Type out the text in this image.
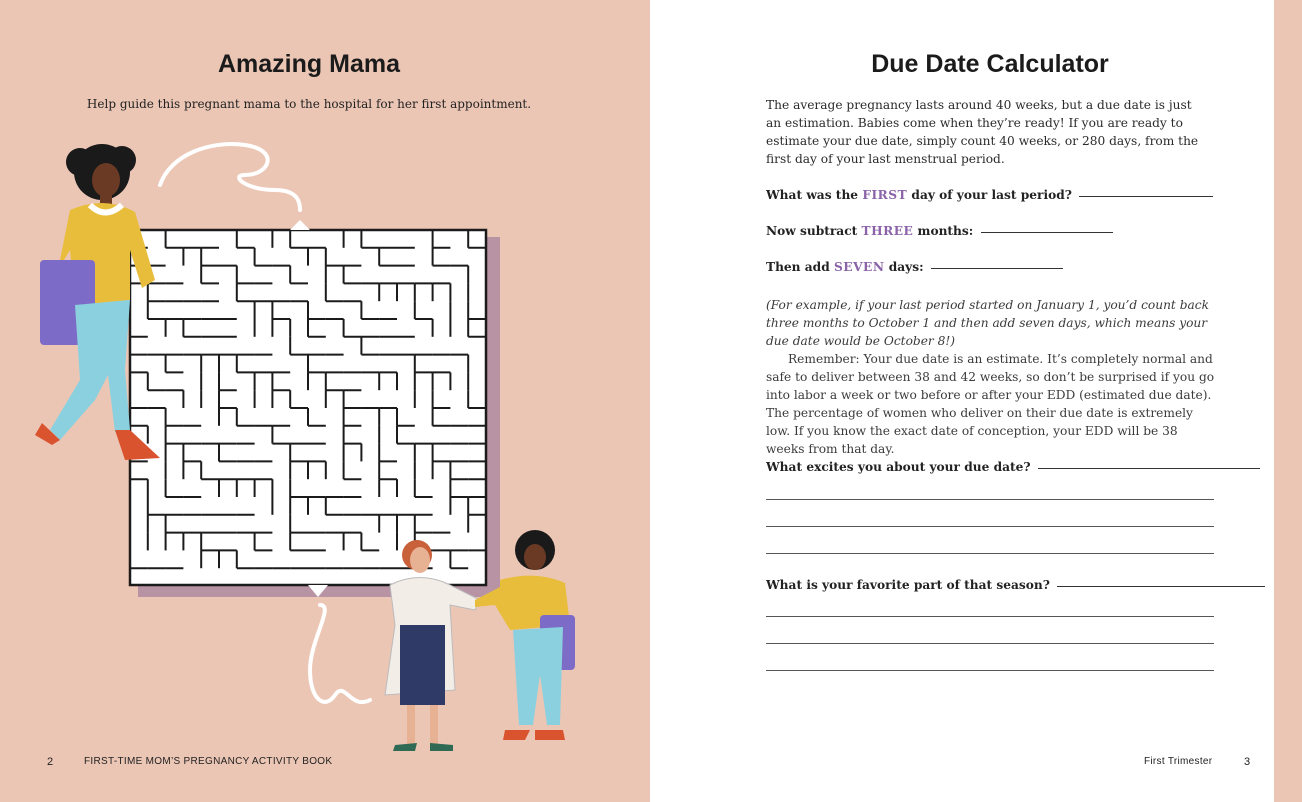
Amazing Mama
Help guide this pregnant mama to the hospital for her first appointment.
2	FIRST-TIME MOM’S PREGNANCY ACTIVITY BOOK
Due Date Calculator

The average pregnancy lasts around 40 weeks, but a due date is just an estimation. Babies come when they’re ready! If you are ready to estimate your due date, simply count 40 weeks, or 280 days, from the first day of your last menstrual period.

What was the FIRST day of your last period?
Now subtract THREE months:
Then add SEVEN days:
(For example, if your last period started on January 1, you’d count back three months to October 1 and then add seven days, which means your due date would be October 8!)
Remember: Your due date is an estimate. It’s completely normal and safe to deliver between 38 and 42 weeks, so don’t be surprised if you go into labor a week or two before or after your EDD (estimated due date). The percentage of women who deliver on their due date is extremely low. If you know the exact date of conception, your EDD will be 38 weeks from that day.
What excites you about your due date?
What is your favorite part of that season?
First Trimester	3
